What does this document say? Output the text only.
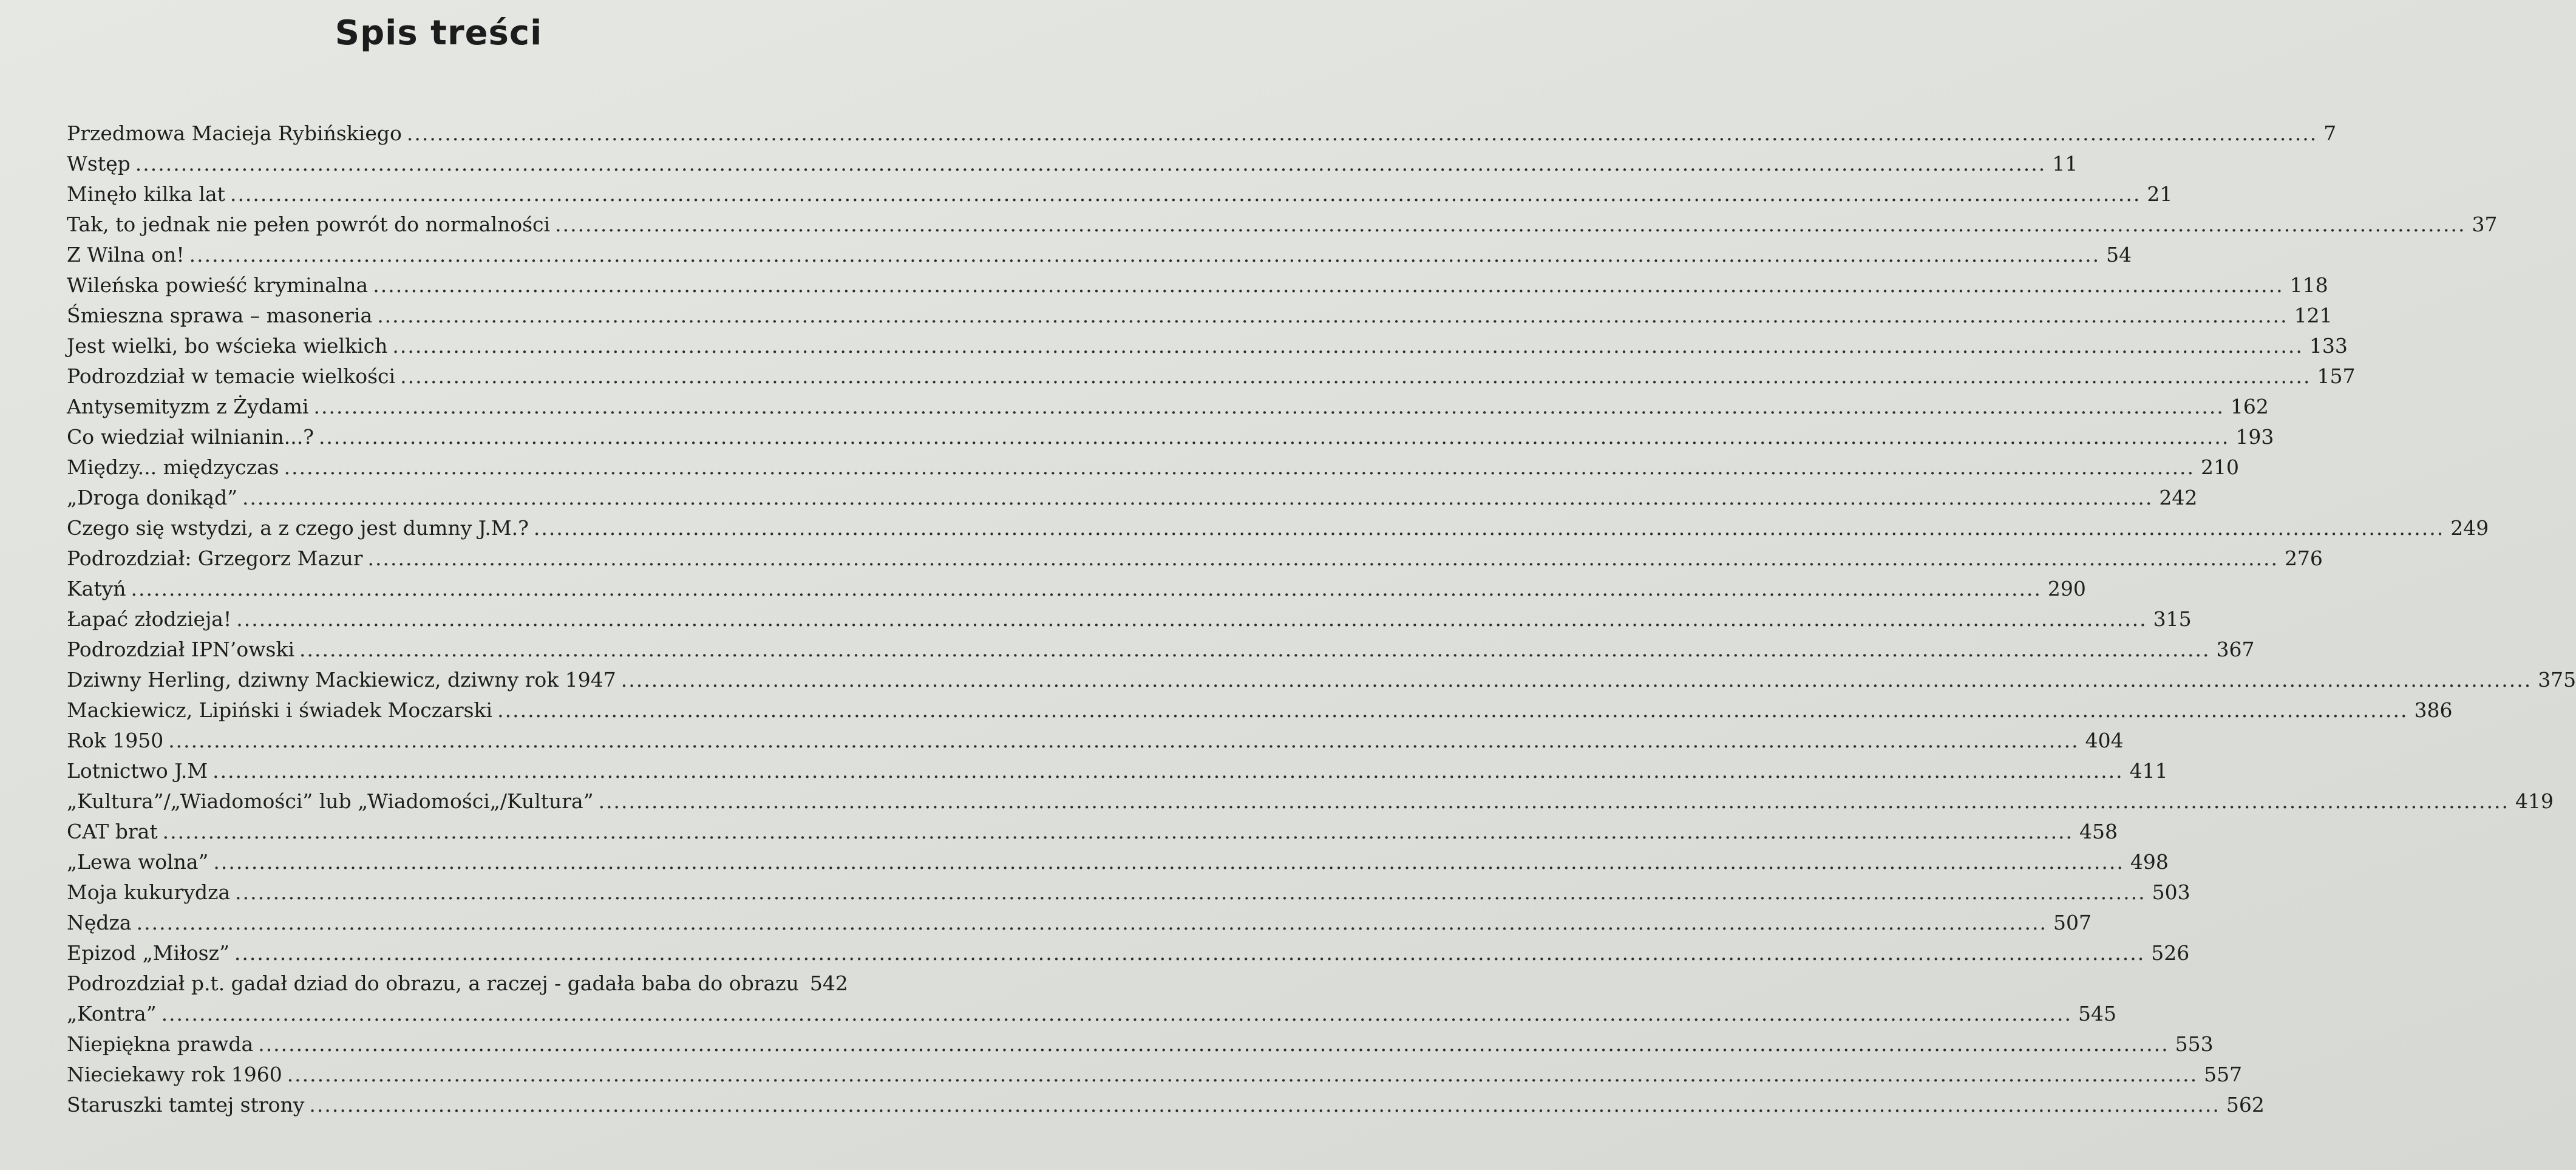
Spis treści
Przedmowa Macieja Rybińskiego .....	7
Wstęp .....	11
Minęło kilka lat .....	21
Tak, to jednak nie pełen powrót do normalności .....	37
Z Wilna on! .....	54
Wileńska powieść kryminalna .....	118
Śmieszna sprawa – masoneria .....	121
Jest wielki, bo wścieka wielkich .....	133
Podrozdział w temacie wielkości .....	157
Antysemityzm z Żydami .....	162
Co wiedział wilnianin...? .....	193
Między... międzyczas .....	210
„Droga donikąd” .....	242
Czego się wstydzi, a z czego jest dumny J.M.? .....	249
Podrozdział: Grzegorz Mazur .....	276
Katyń .....	290
Łapać złodzieja! .....	315
Podrozdział IPN’owski .....	367
Dziwny Herling, dziwny Mackiewicz, dziwny rok 1947 .....	375
Mackiewicz, Lipiński i świadek Moczarski .....	386
Rok 1950 .....	404
Lotnictwo J.M .....	411
„Kultura”/„Wiadomości” lub „Wiadomości„/Kultura” .....	419
CAT brat .....	458
„Lewa wolna” .....	498
Moja kukurydza .....	503
Nędza .....	507
Epizod „Miłosz” .....	526
Podrozdział p.t. gadał dziad do obrazu, a raczej - gadała baba do obrazu 542
„Kontra” .....	545
Niepiękna prawda .....	553
Nieciekawy rok 1960 .....	557
Staruszki tamtej strony .....	562
